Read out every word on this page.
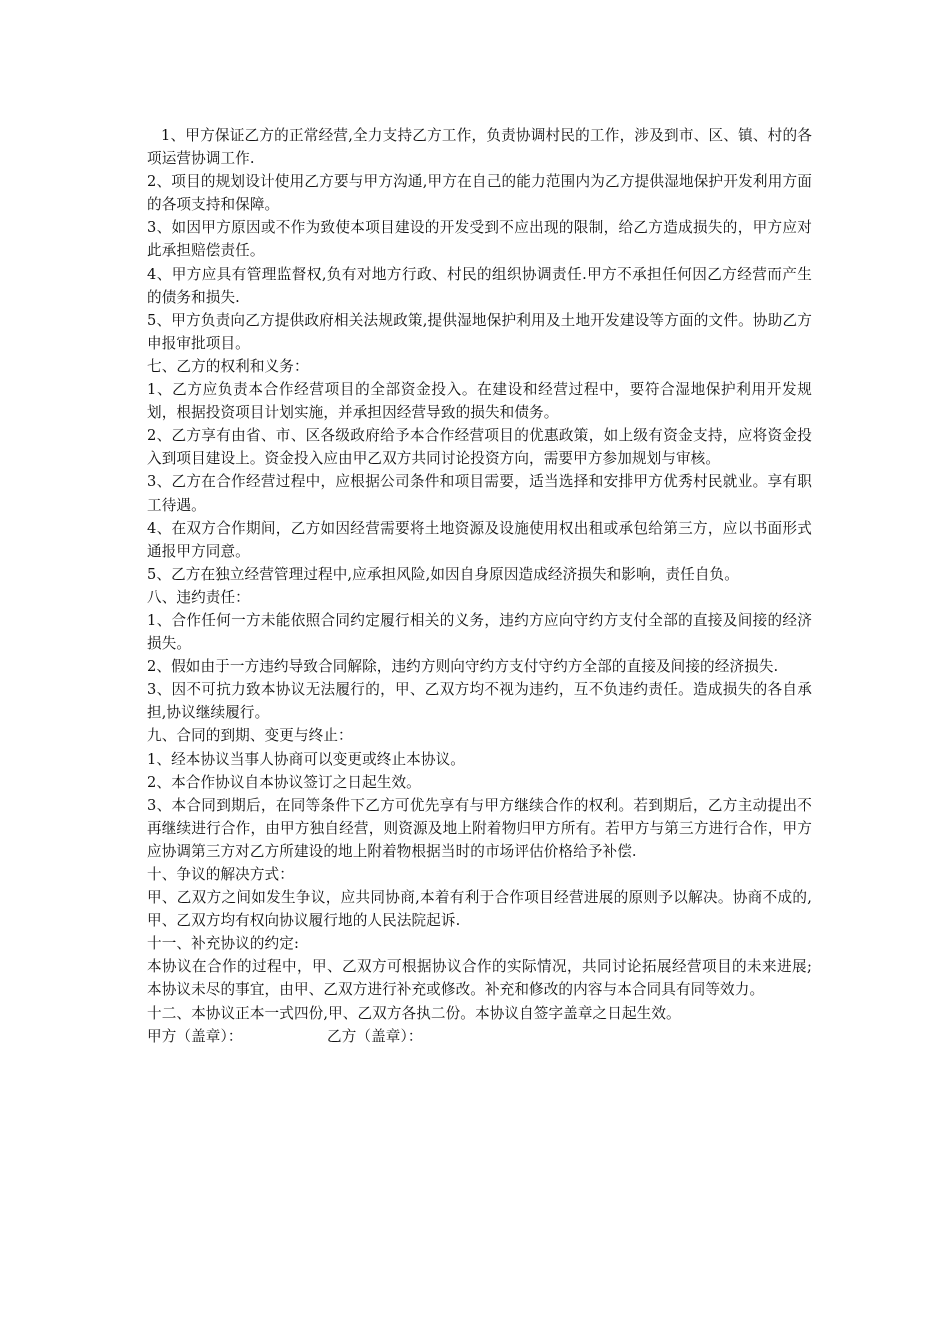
1、甲方保证乙方的正常经营,全力支持乙方工作，负责协调村民的工作，涉及到市、区、镇、村的各项运营协调工作.

2、项目的规划设计使用乙方要与甲方沟通,甲方在自己的能力范围内为乙方提供湿地保护开发利用方面的各项支持和保障。

3、如因甲方原因或不作为致使本项目建设的开发受到不应出现的限制，给乙方造成损失的，甲方应对此承担赔偿责任。

4、甲方应具有管理监督权,负有对地方行政、村民的组织协调责任.甲方不承担任何因乙方经营而产生的债务和损失.

5、甲方负责向乙方提供政府相关法规政策,提供湿地保护利用及土地开发建设等方面的文件。协助乙方申报审批项目。

七、乙方的权利和义务：

1、乙方应负责本合作经营项目的全部资金投入。在建设和经营过程中，要符合湿地保护利用开发规划，根据投资项目计划实施，并承担因经营导致的损失和债务。

2、乙方享有由省、市、区各级政府给予本合作经营项目的优惠政策，如上级有资金支持，应将资金投入到项目建设上。资金投入应由甲乙双方共同讨论投资方向，需要甲方参加规划与审核。

3、乙方在合作经营过程中，应根据公司条件和项目需要，适当选择和安排甲方优秀村民就业。享有职工待遇。

4、在双方合作期间，乙方如因经营需要将土地资源及设施使用权出租或承包给第三方，应以书面形式通报甲方同意。

5、乙方在独立经营管理过程中,应承担风险,如因自身原因造成经济损失和影响，责任自负。

八、违约责任：

1、合作任何一方未能依照合同约定履行相关的义务，违约方应向守约方支付全部的直接及间接的经济损失。

2、假如由于一方违约导致合同解除，违约方则向守约方支付守约方全部的直接及间接的经济损失.

3、因不可抗力致本协议无法履行的，甲、乙双方均不视为违约，互不负违约责任。造成损失的各自承担,协议继续履行。

九、合同的到期、变更与终止：

1、经本协议当事人协商可以变更或终止本协议。

2、本合作协议自本协议签订之日起生效。

3、本合同到期后，在同等条件下乙方可优先享有与甲方继续合作的权利。若到期后，乙方主动提出不再继续进行合作，由甲方独自经营，则资源及地上附着物归甲方所有。若甲方与第三方进行合作，甲方应协调第三方对乙方所建设的地上附着物根据当时的市场评估价格给予补偿.

十、争议的解决方式：

甲、乙双方之间如发生争议，应共同协商,本着有利于合作项目经营进展的原则予以解决。协商不成的,甲、乙双方均有权向协议履行地的人民法院起诉.

十一、补充协议的约定:

本协议在合作的过程中，甲、乙双方可根据协议合作的实际情况，共同讨论拓展经营项目的未来进展;本协议未尽的事宜，由甲、乙双方进行补充或修改。补充和修改的内容与本合同具有同等效力。

十二、本协议正本一式四份,甲、乙双方各执二份。本协议自签字盖章之日起生效。

甲方（盖章）：	乙方（盖章）：
